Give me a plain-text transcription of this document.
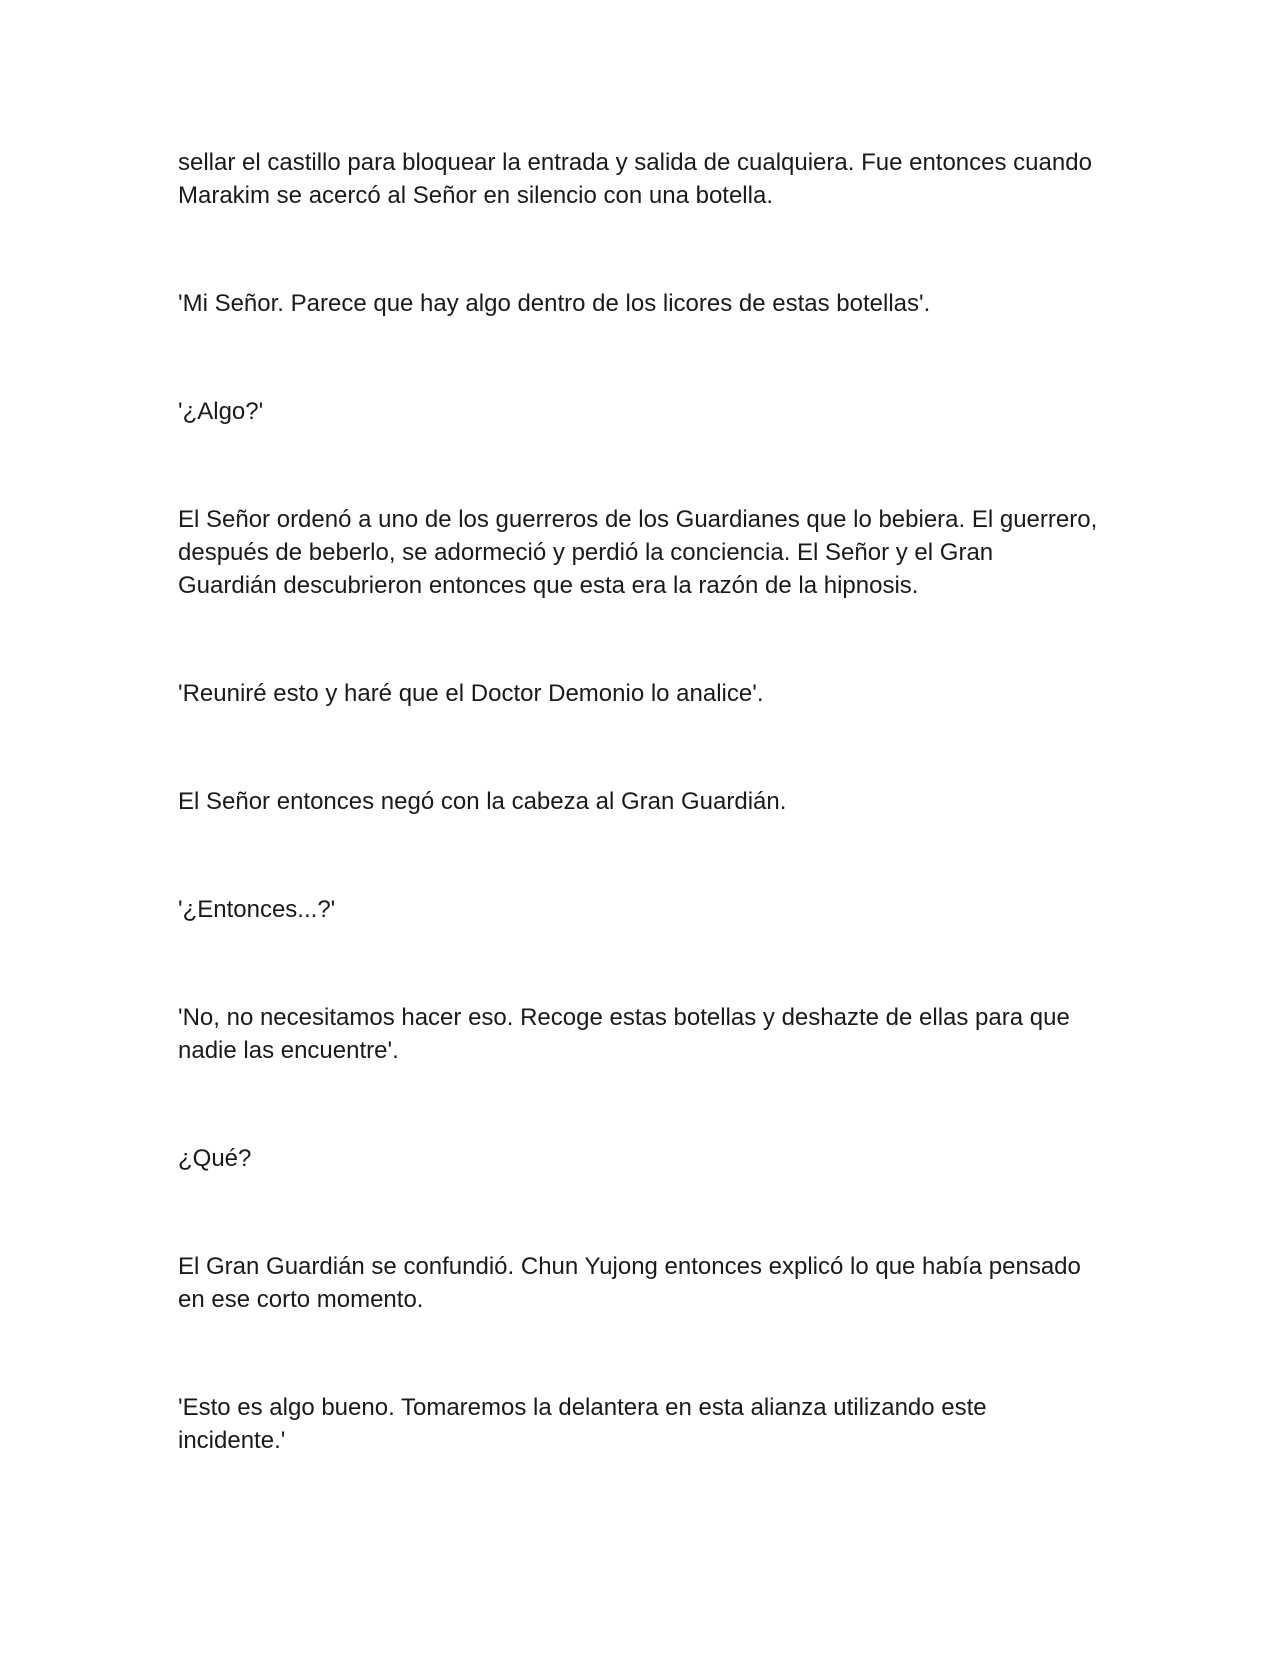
sellar el castillo para bloquear la entrada y salida de cualquiera. Fue entonces cuando Marakim se acercó al Señor en silencio con una botella.

'Mi Señor. Parece que hay algo dentro de los licores de estas botellas'.

'¿Algo?'

El Señor ordenó a uno de los guerreros de los Guardianes que lo bebiera. El guerrero, después de beberlo, se adormeció y perdió la conciencia. El Señor y el Gran Guardián descubrieron entonces que esta era la razón de la hipnosis.

'Reuniré esto y haré que el Doctor Demonio lo analice'.

El Señor entonces negó con la cabeza al Gran Guardián.

'¿Entonces...?'

'No, no necesitamos hacer eso. Recoge estas botellas y deshazte de ellas para que nadie las encuentre'.

¿Qué?

El Gran Guardián se confundió. Chun Yujong entonces explicó lo que había pensado en ese corto momento.

'Esto es algo bueno. Tomaremos la delantera en esta alianza utilizando este incidente.'
